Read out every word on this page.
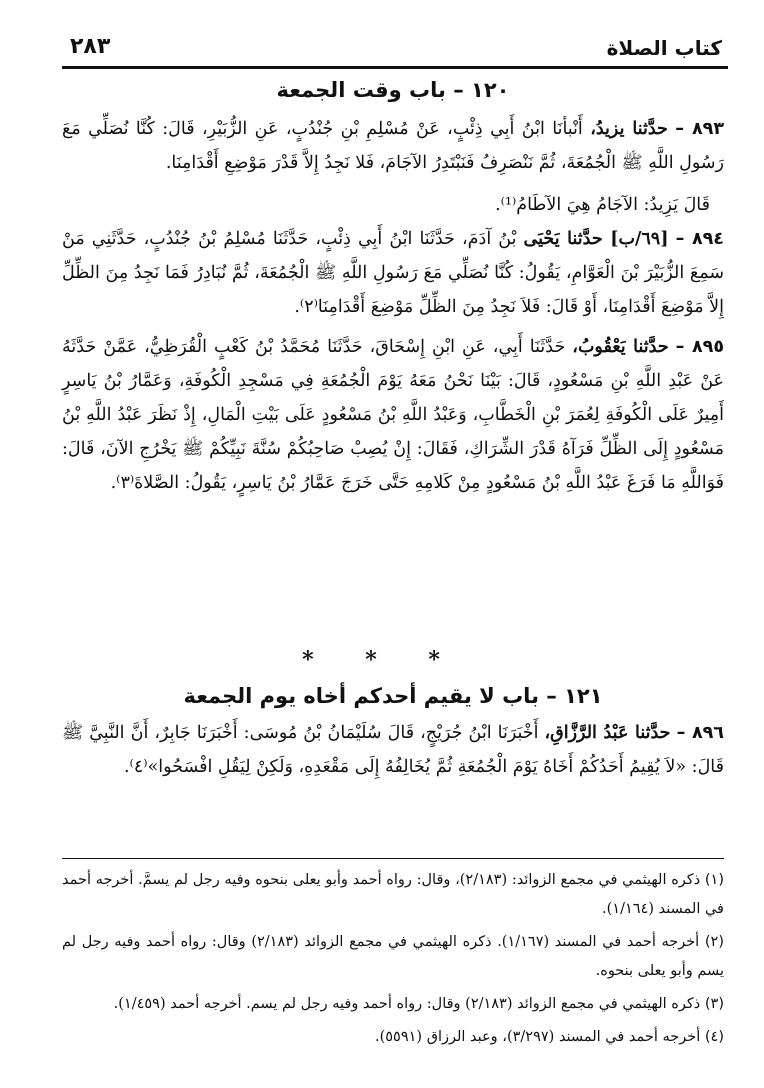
كتاب الصلاة
٢٨٣
١٢٠ – باب وقت الجمعة

٨٩٣ – حدَّثنا يزيدُ، أَنْبأنَا ابْنُ أَبِي ذِئْبٍ، عَنْ مُسْلِمِ بْنِ جُنْدُبٍ، عَنِ الزُّبَيْرِ، قَالَ: كُنَّا نُصَلِّي مَعَ رَسُولِ اللَّهِ ﷺ الْجُمُعَةَ، ثُمَّ نَنْصَرِفُ فَنَبْتَدِرُ الآجَامَ، فَلا نَجِدُ إِلاَّ قَدْرَ مَوْضِعِ أَقْدَامِنَا.

قَالَ يَزِيدُ: الآجَامُ هِيَ الآطَامُ⁽¹⁾.

٨٩٤ – [٦٩/ب] حدَّثنا يَحْيَى بْنُ آدَمَ، حَدَّثَنَا ابْنُ أَبِي ذِئْبٍ، حَدَّثَنَا مُسْلِمُ بْنُ جُنْدُبٍ، حَدَّثَنِي مَنْ سَمِعَ الزُّبَيْرَ بْنَ الْعَوَّامِ، يَقُولُ: كُنَّا نُصَلِّي مَعَ رَسُولِ اللَّهِ ﷺ الْجُمُعَةَ، ثُمَّ نُبَادِرُ فَمَا نَجِدُ مِنَ الظِّلِّ إِلاَّ مَوْضِعَ أَقْدَامِنَا، أَوْ قَالَ: فَلاَ نَجِدُ مِنَ الظِّلِّ مَوْضِعَ أَقْدَامِنَا⁽٢⁾.

٨٩٥ – حدَّثنا يَعْقُوبُ، حَدَّثَنَا أَبِي، عَنِ ابْنِ إِسْحَاقَ، حَدَّثَنَا مُحَمَّدُ بْنُ كَعْبٍ الْقُرَظِيُّ، عَمَّنْ حَدَّثَهُ عَنْ عَبْدِ اللَّهِ بْنِ مَسْعُودٍ، قَالَ: بَيْنَا نَحْنُ مَعَهُ يَوْمَ الْجُمُعَةِ فِي مَسْجِدِ الْكُوفَةِ، وَعَمَّارُ بْنُ يَاسِرٍ أَمِيرٌ عَلَى الْكُوفَةِ لِعُمَرَ بْنِ الْخَطَّابِ، وَعَبْدُ اللَّهِ بْنُ مَسْعُودٍ عَلَى بَيْتِ الْمَالِ، إِذْ نَظَرَ عَبْدُ اللَّهِ بْنُ مَسْعُودٍ إِلَى الظِّلِّ فَرَآهُ قَدْرَ الشِّرَاكِ، فَقَالَ: إِنْ يُصِبْ صَاحِبُكُمْ سُنَّةَ نَبِيِّكُمْ ﷺ يَخْرُجِ الآنَ، قَالَ: فَوَاللَّهِ مَا فَرَغَ عَبْدُ اللَّهِ بْنُ مَسْعُودٍ مِنْ كَلامِهِ حَتَّى خَرَجَ عَمَّارُ بْنُ يَاسِرٍ، يَقُولُ: الصَّلاةَ⁽٣⁾.

* * *
١٢١ – باب لا يقيم أحدكم أخاه يوم الجمعة

٨٩٦ – حدَّثنا عَبْدُ الرَّزَّاقِ، أَخْبَرَنَا ابْنُ جُرَيْجٍ، قَالَ سُلَيْمَانُ بْنُ مُوسَى: أَخْبَرَنَا جَابِرٌ، أَنَّ النَّبِيَّ ﷺ قَالَ: «لاَ يُقِيمُ أَحَدُكُمْ أَخَاهُ يَوْمَ الْجُمُعَةِ ثُمَّ يُخَالِفُهُ إِلَى مَقْعَدِهِ، وَلَكِنْ لِيَقُلِ افْسَحُوا»⁽٤⁾.

(١) ذكره الهيثمي في مجمع الزوائد: (٢/١٨٣)، وقال: رواه أحمد وأبو يعلى بنحوه وفيه رجل لم يسمَّ. أخرجه أحمد في المسند (١/١٦٤).

(٢) أخرجه أحمد في المسند (١/١٦٧). ذكره الهيثمي في مجمع الزوائد (٢/١٨٣) وقال: رواه أحمد وفيه رجل لم يسم وأبو يعلى بنحوه.

(٣) ذكره الهيثمي في مجمع الزوائد (٢/١٨٣) وقال: رواه أحمد وفيه رجل لم يسم. أخرجه أحمد (١/٤٥٩).

(٤) أخرجه أحمد في المسند (٣/٢٩٧)، وعبد الرزاق (٥٥٩١).
